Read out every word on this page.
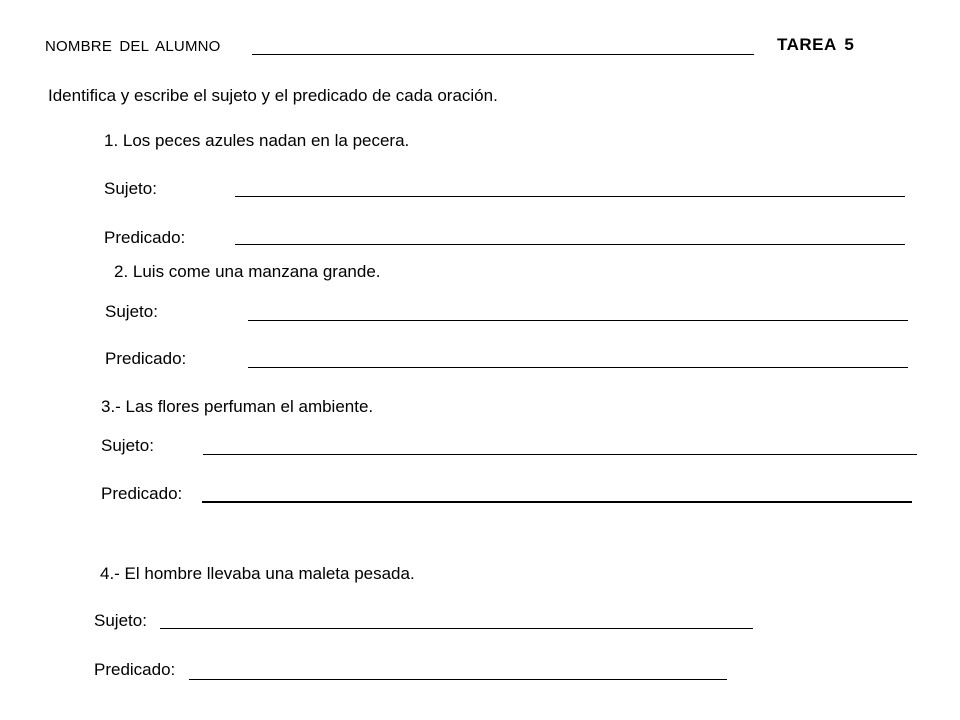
NOMBRE DEL ALUMNO	TAREA 5
Identifica y escribe el sujeto y el predicado de cada oración.
1. Los peces azules nadan en la pecera.
Sujeto:
Predicado:
2. Luis come una manzana grande.
Sujeto:
Predicado:
3.- Las flores perfuman el ambiente.
Sujeto:
Predicado:
4.- El hombre llevaba una maleta pesada.
Sujeto:
Predicado:
